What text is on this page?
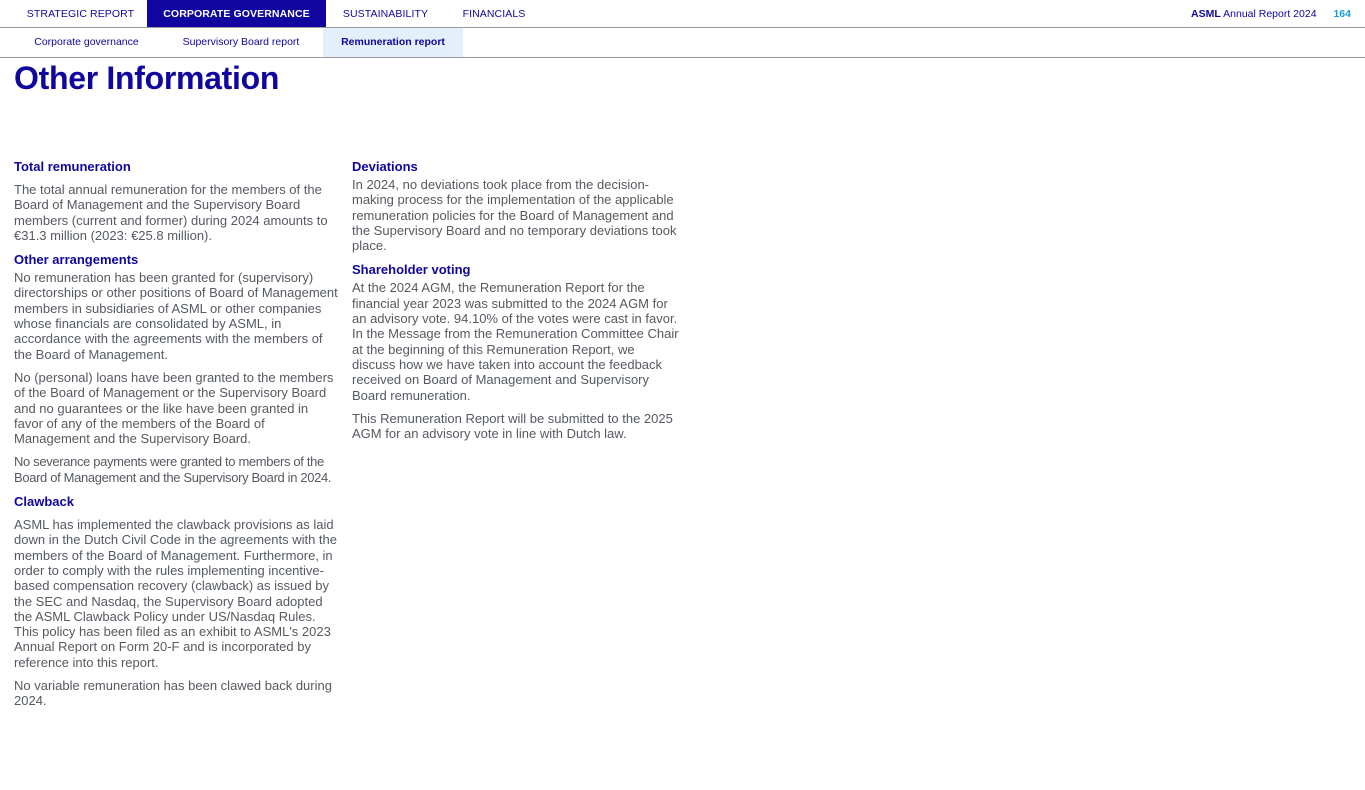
STRATEGIC REPORT	CORPORATE GOVERNANCE	SUSTAINABILITY	FINANCIALS	ASML Annual Report 2024 164
Corporate governance	Supervisory Board report	Remuneration report
Other Information
Total remuneration

The total annual remuneration for the members of the Board of Management and the Supervisory Board members (current and former) during 2024 amounts to €31.3 million (2023: €25.8 million).

Other arrangements

No remuneration has been granted for (supervisory) directorships or other positions of Board of Management members in subsidiaries of ASML or other companies whose financials are consolidated by ASML, in accordance with the agreements with the members of the Board of Management.

No (personal) loans have been granted to the members of the Board of Management or the Supervisory Board and no guarantees or the like have been granted in favor of any of the members of the Board of Management and the Supervisory Board.

No severance payments were granted to members of the Board of Management and the Supervisory Board in 2024.

Clawback

ASML has implemented the clawback provisions as laid down in the Dutch Civil Code in the agreements with the members of the Board of Management. Furthermore, in order to comply with the rules implementing incentive-based compensation recovery (clawback) as issued by the SEC and Nasdaq, the Supervisory Board adopted the ASML Clawback Policy under US/Nasdaq Rules. This policy has been filed as an exhibit to ASML's 2023 Annual Report on Form 20-F and is incorporated by reference into this report.

No variable remuneration has been clawed back during 2024.

Deviations

In 2024, no deviations took place from the decision-making process for the implementation of the applicable remuneration policies for the Board of Management and the Supervisory Board and no temporary deviations took place.

Shareholder voting

At the 2024 AGM, the Remuneration Report for the financial year 2023 was submitted to the 2024 AGM for an advisory vote. 94.10% of the votes were cast in favor. In the Message from the Remuneration Committee Chair at the beginning of this Remuneration Report, we discuss how we have taken into account the feedback received on Board of Management and Supervisory Board remuneration.

This Remuneration Report will be submitted to the 2025 AGM for an advisory vote in line with Dutch law.
